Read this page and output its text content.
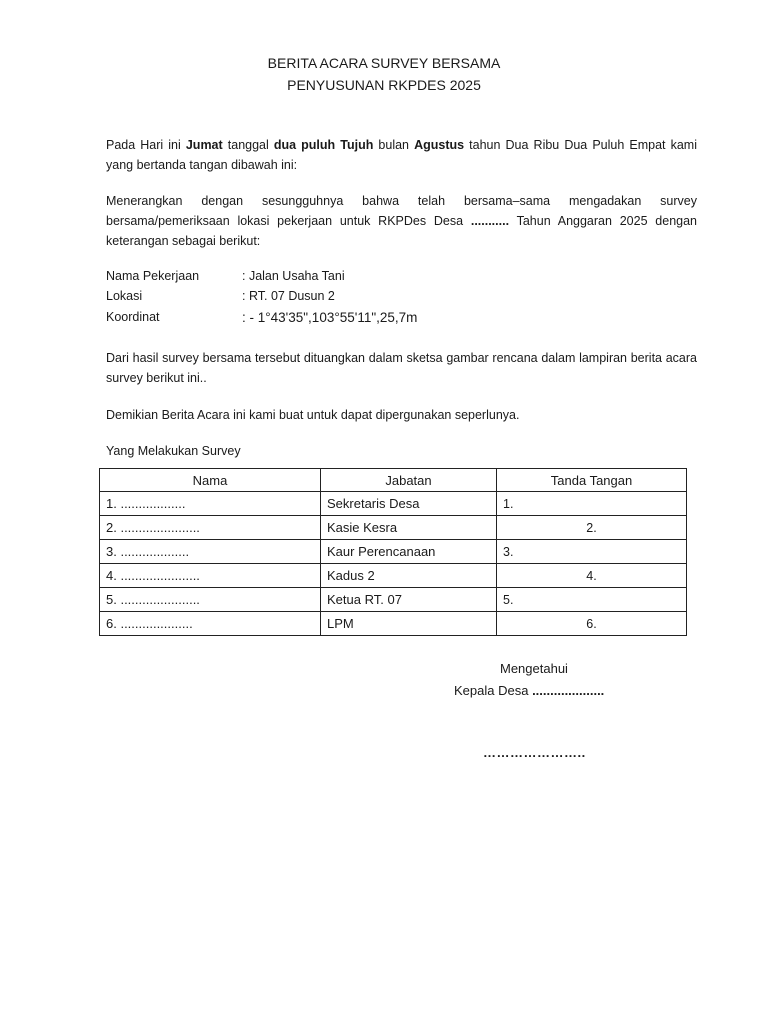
BERITA ACARA SURVEY BERSAMA
PENYUSUNAN RKPDES 2025
Pada Hari ini Jumat tanggal dua puluh Tujuh bulan Agustus tahun Dua Ribu Dua Puluh Empat kami yang bertanda tangan dibawah ini:
Menerangkan dengan sesungguhnya bahwa telah bersama–sama mengadakan survey bersama/pemeriksaan lokasi pekerjaan untuk RKPDes Desa ........... Tahun Anggaran 2025 dengan keterangan sebagai berikut:
Nama Pekerjaan	: Jalan Usaha Tani
Lokasi	: RT. 07 Dusun 2
Koordinat	: - 1°43'35",103°55'11",25,7m
Dari hasil survey bersama tersebut dituangkan dalam sketsa gambar rencana dalam lampiran berita acara survey berikut ini..
Demikian Berita Acara ini kami buat untuk dapat dipergunakan seperlunya.
Yang Melakukan Survey
Nama	Jabatan	Tanda Tangan
1. ..................	Sekretaris Desa	1.
2. ......................	Kasie Kesra	2.
3. ...................	Kaur Perencanaan	3.
4. ......................	Kadus 2	4.
5. ......................	Ketua RT. 07	5.
6. ....................	LPM	6.
Mengetahui
Kepala Desa ....................
…………………..
